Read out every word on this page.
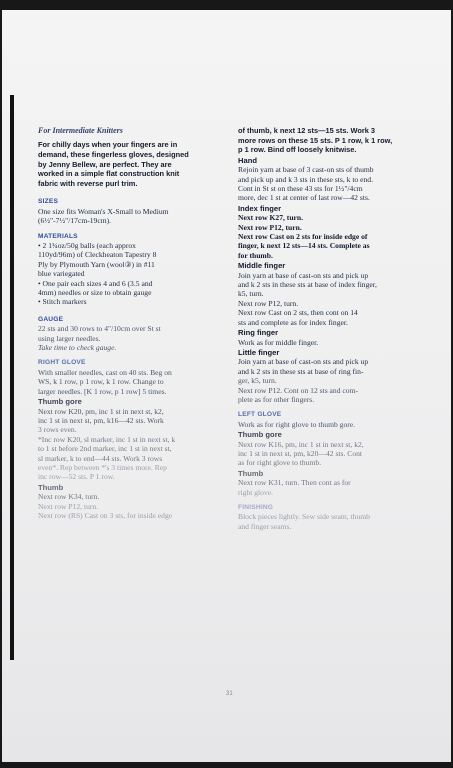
For Intermediate Knitters
For chilly days when your fingers are in
demand, these fingerless gloves, designed
by Jenny Bellew, are perfect. They are
worked in a simple flat construction knit
fabric with reverse purl trim.
SIZES
One size fits Woman's X-Small to Medium
(6½"-7½"/17cm-19cm).
MATERIALS
• 2 1¾oz/50g balls (each approx
110yd/96m) of Cleckheaton Tapestry 8
Ply by Plymouth Yarn (wool③) in #11
blue variegated
• One pair each sizes 4 and 6 (3.5 and
4mm) needles or size to obtain gauge
• Stitch markers
GAUGE
22 sts and 30 rows to 4"/10cm over St st
using larger needles.
Take time to check gauge.
RIGHT GLOVE
With smaller needles, cast on 40 sts. Beg on
WS, k 1 row, p 1 row, k 1 row. Change to
larger needles. [K 1 row, p 1 row] 5 times.
Thumb gore
Next row K20, pm, inc 1 st in next st, k2,
inc 1 st in next st, pm, k16—42 sts. Work
3 rows even.
*Inc row K20, sl marker, inc 1 st in next st, k
to 1 st before 2nd marker, inc 1 st in next st,
sl marker, k to end—44 sts. Work 3 rows
even*. Rep between *'s 3 times more. Rep
inc row—52 sts. P 1 row.
Thumb
Next row K34, turn.
Next row P12, turn.
Next row (RS) Cast on 3 sts, for inside edge
of thumb, k next 12 sts—15 sts. Work 3
more rows on these 15 sts. P 1 row, k 1 row,
p 1 row. Bind off loosely knitwise.
Hand
Rejoin yarn at base of 3 cast-on sts of thumb
and pick up and k 3 sts in these sts, k to end.
Cont in St st on these 43 sts for 1½"/4cm
more, dec 1 st at center of last row—42 sts.
Index finger
Next row K27, turn.
Next row P12, turn.
Next row Cast on 2 sts for inside edge of
finger, k next 12 sts—14 sts. Complete as
for thumb.
Middle finger
Join yarn at base of cast-on sts and pick up
and k 2 sts in these sts at base of index finger,
k5, turn.
Next row P12, turn.
Next row Cast on 2 sts, then cont on 14
sts and complete as for index finger.
Ring finger
Work as for middle finger.
Little finger
Join yarn at base of cast-on sts and pick up
and k 2 sts in these sts at base of ring fin-
ger, k5, turn.
Next row P12. Cont on 12 sts and com-
plete as for other fingers.
LEFT GLOVE
Work as for right glove to thumb gore.
Thumb gore
Next row K16, pm, inc 1 st in next st, k2,
inc 1 st in next st, pm, k20—42 sts. Cont
as for right glove to thumb.
Thumb
Next row K31, turn. Then cont as for
right glove.
FINISHING
Block pieces lightly. Sew side seam, thumb
and finger seams.
31
